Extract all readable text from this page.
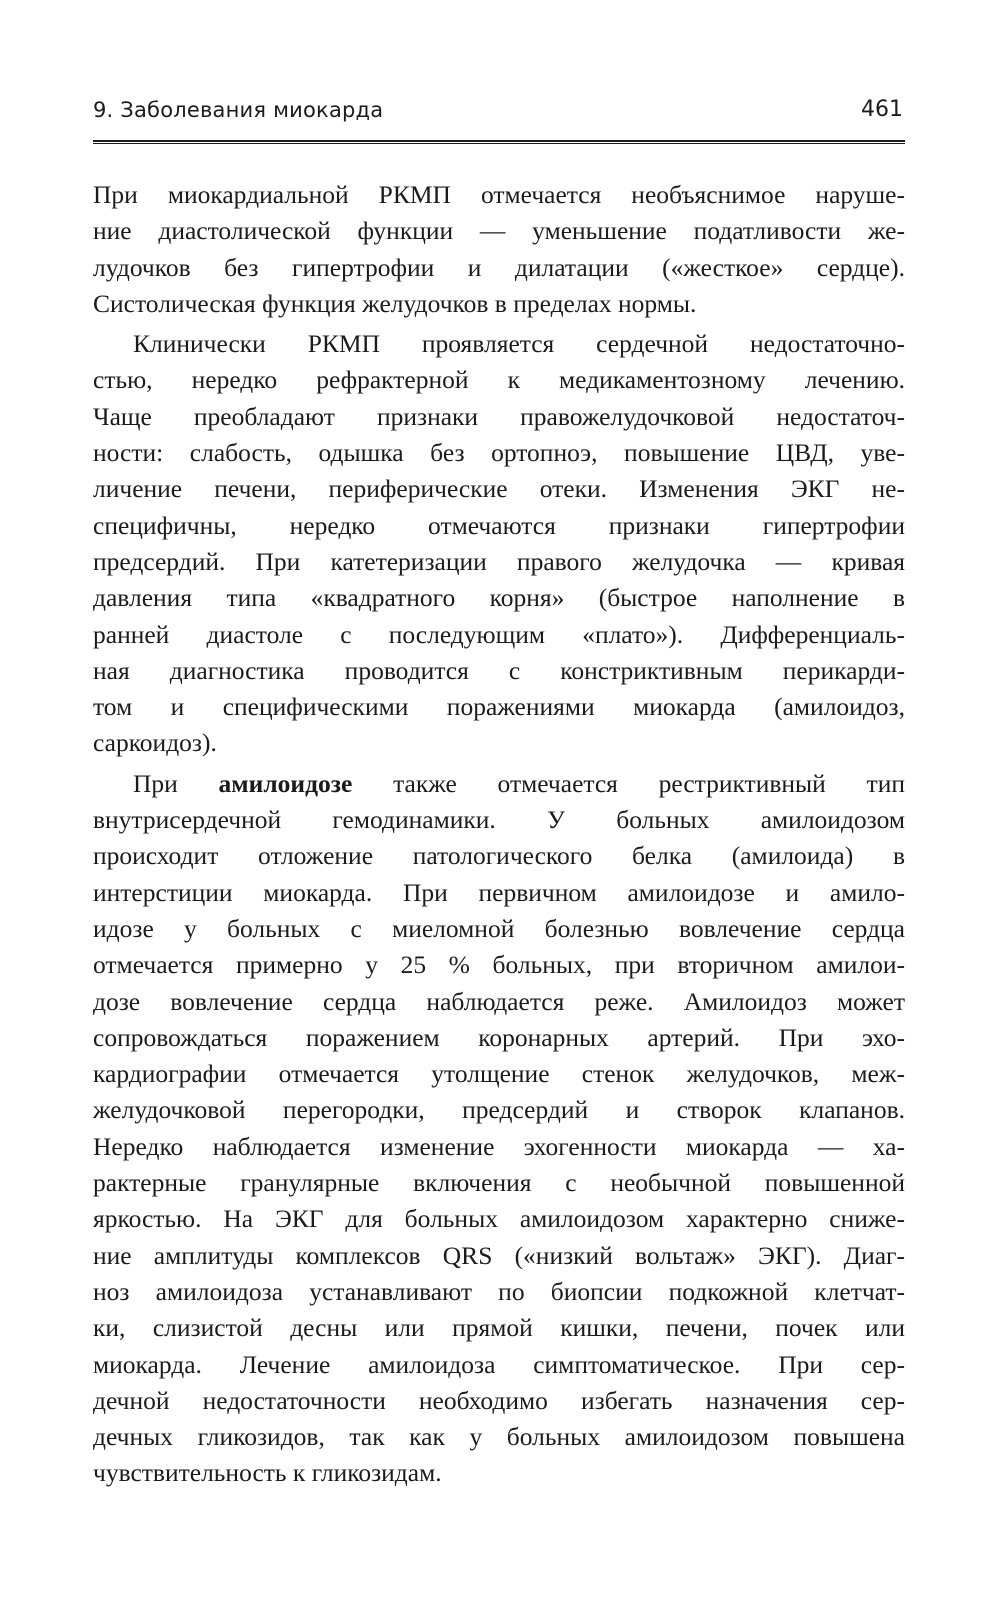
9. Заболевания миокарда	461

При миокардиальной РКМП отмечается необъяснимое наруше-
ние диастолической функции — уменьшение податливости же-
лудочков без гипертрофии и дилатации («жесткое» сердце).
Систолическая функция желудочков в пределах нормы.

Клинически РКМП проявляется сердечной недостаточно-
стью, нередко рефрактерной к медикаментозному лечению.
Чаще преобладают признаки правожелудочковой недостаточ-
ности: слабость, одышка без ортопноэ, повышение ЦВД, уве-
личение печени, периферические отеки. Изменения ЭКГ не-
специфичны, нередко отмечаются признаки гипертрофии
предсердий. При катетеризации правого желудочка — кривая
давления типа «квадратного корня» (быстрое наполнение в
ранней диастоле с последующим «плато»). Дифференциаль-
ная диагностика проводится с констриктивным перикарди-
том и специфическими поражениями миокарда (амилоидоз,
саркоидоз).

При амилоидозе также отмечается рестриктивный тип
внутрисердечной гемодинамики. У больных амилоидозом
происходит отложение патологического белка (амилоида) в
интерстиции миокарда. При первичном амилоидозе и амило-
идозе у больных с миеломной болезнью вовлечение сердца
отмечается примерно у 25 % больных, при вторичном амилои-
дозе вовлечение сердца наблюдается реже. Амилоидоз может
сопровождаться поражением коронарных артерий. При эхо-
кардиографии отмечается утолщение стенок желудочков, меж-
желудочковой перегородки, предсердий и створок клапанов.
Нередко наблюдается изменение эхогенности миокарда — ха-
рактерные гранулярные включения с необычной повышенной
яркостью. На ЭКГ для больных амилоидозом характерно сниже-
ние амплитуды комплексов QRS («низкий вольтаж» ЭКГ). Диаг-
ноз амилоидоза устанавливают по биопсии подкожной клетчат-
ки, слизистой десны или прямой кишки, печени, почек или
миокарда. Лечение амилоидоза симптоматическое. При сер-
дечной недостаточности необходимо избегать назначения сер-
дечных гликозидов, так как у больных амилоидозом повышена
чувствительность к гликозидам.
